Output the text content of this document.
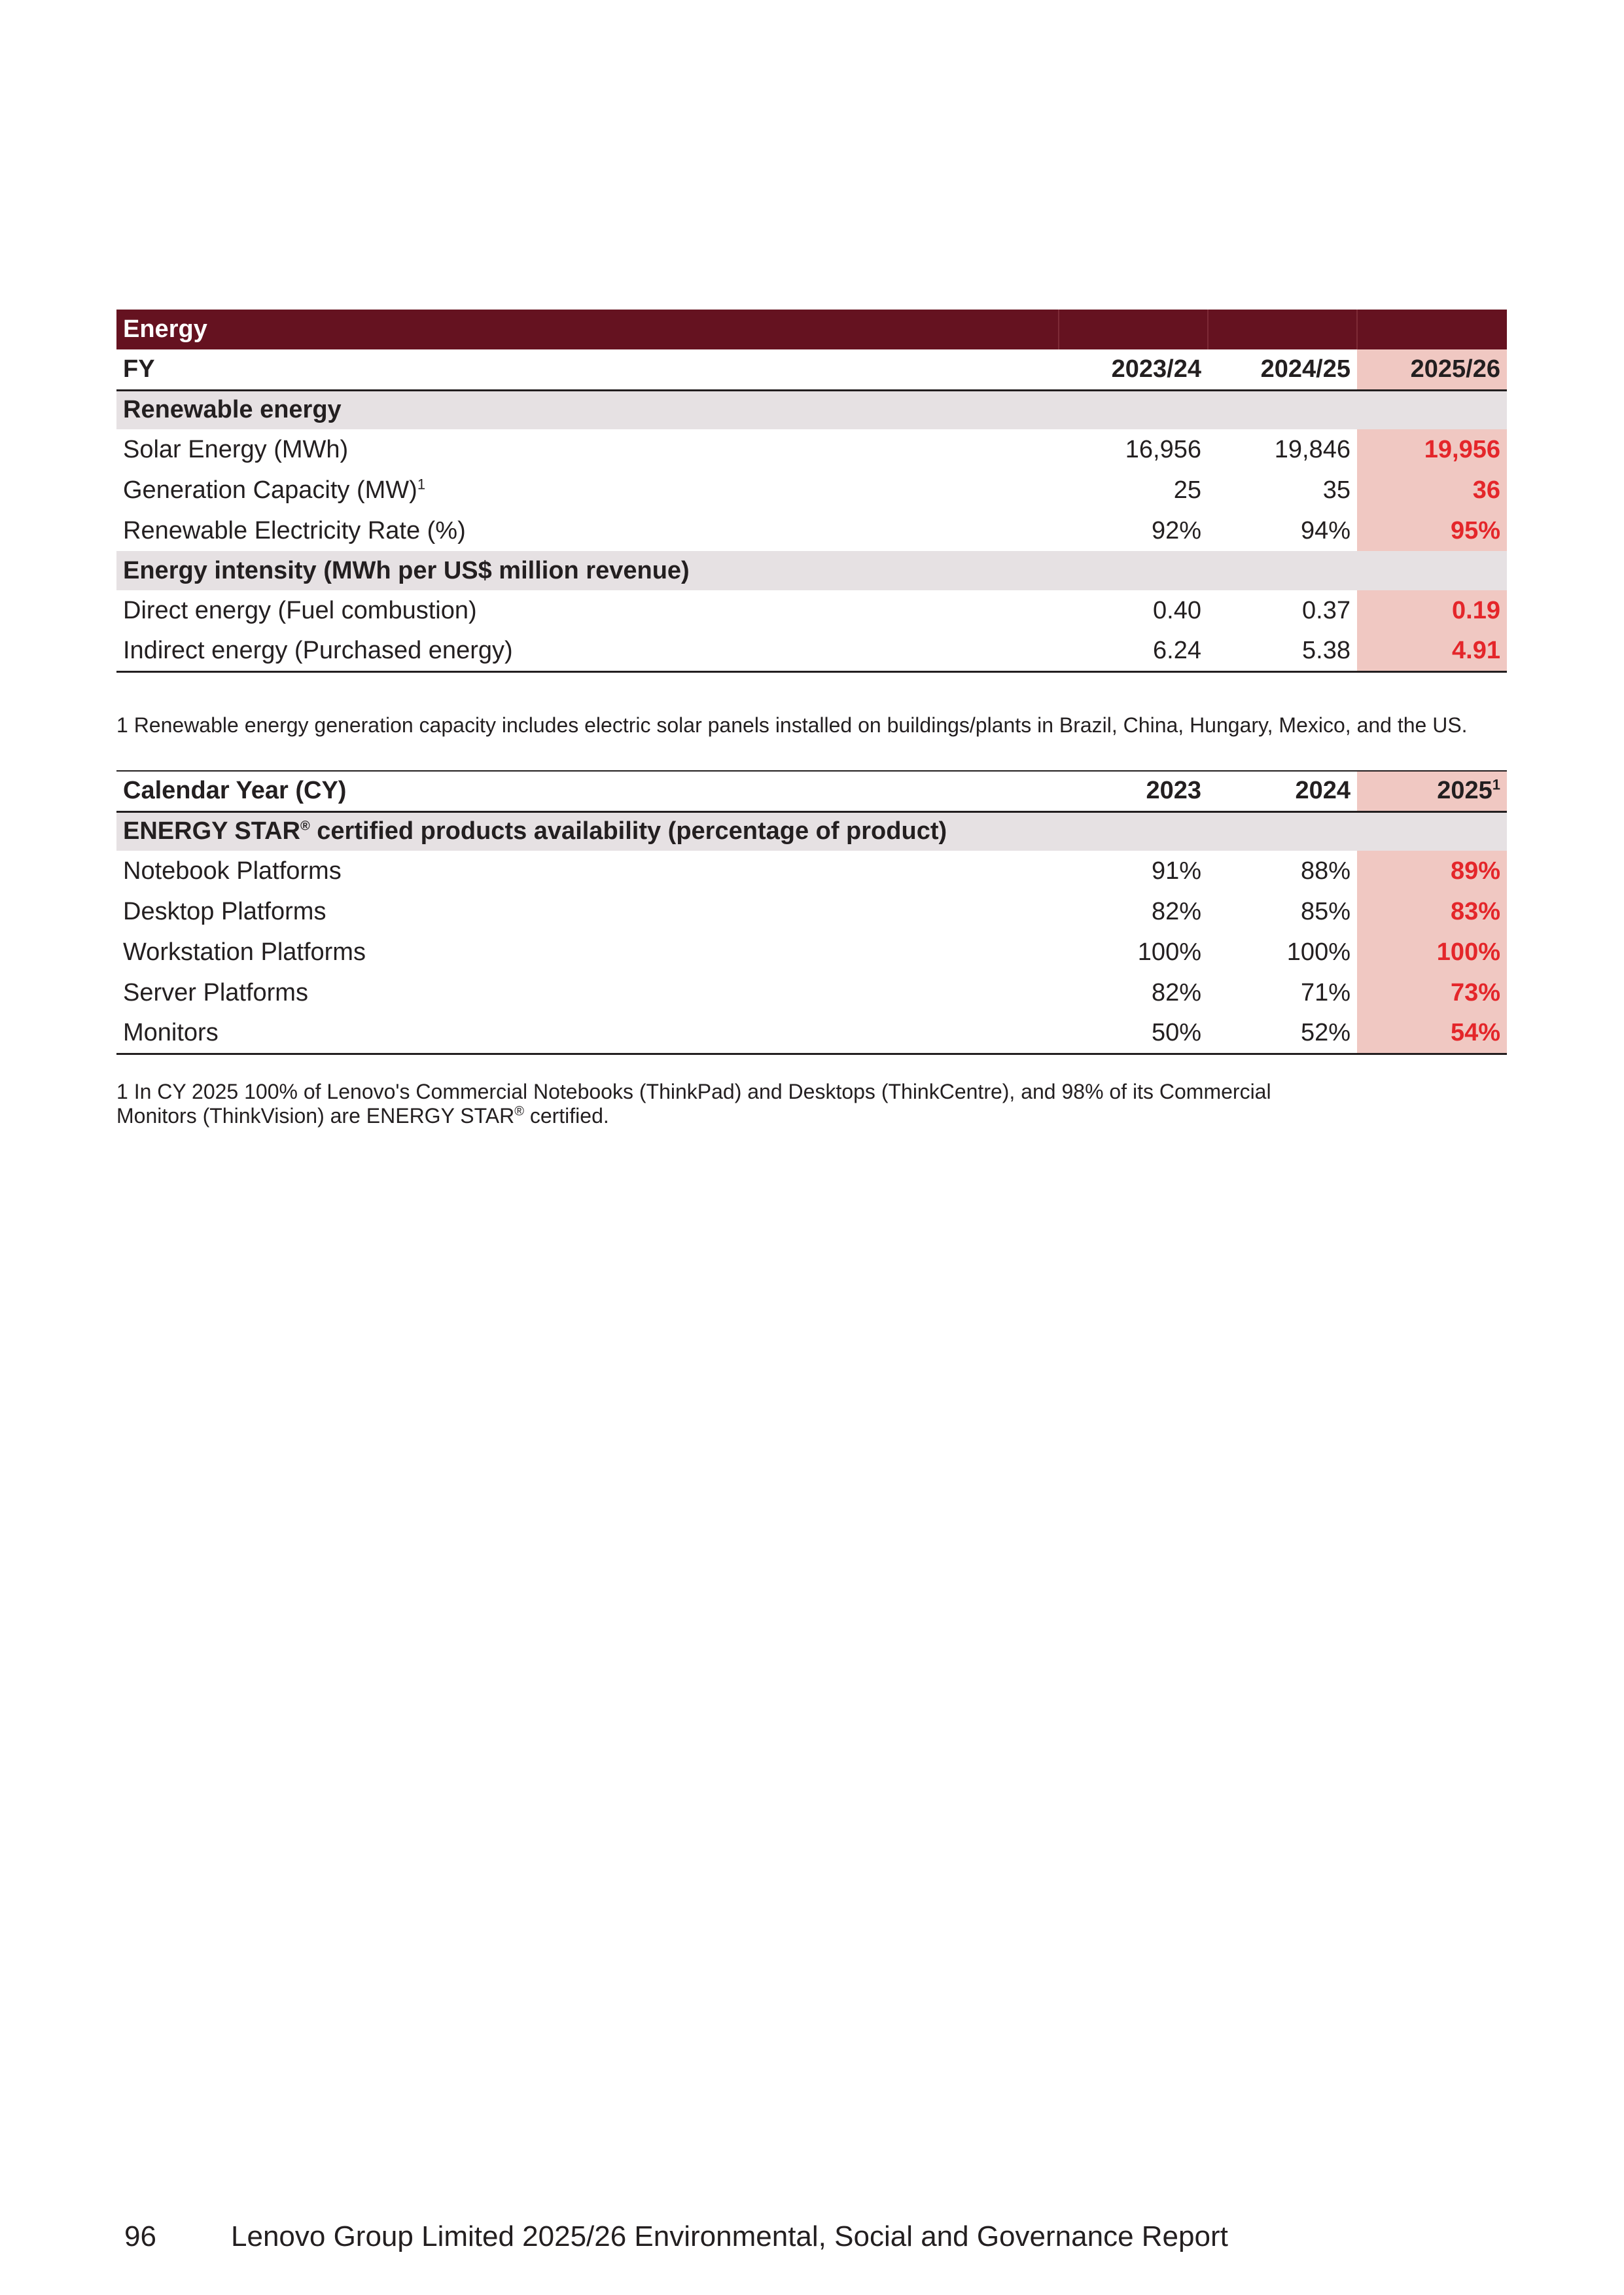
Energy			
FY	2023/24	2024/25	2025/26
Renewable energy			
Solar Energy (MWh)	16,956	19,846	19,956
Generation Capacity (MW)$^1$	25	35	36
Renewable Electricity Rate (%)	92%	94%	95%
Energy intensity (MWh per US$ million revenue)			
Direct energy (Fuel combustion)	0.40	0.37	0.19
Indirect energy (Purchased energy)	6.24	5.38	4.91
1 Renewable energy generation capacity includes electric solar panels installed on buildings/plants in Brazil, China, Hungary, Mexico, and the US.
Calendar Year (CY)	2023	2024	2025$^1$
ENERGY STAR® certified products availability (percentage of product)			
Notebook Platforms	91%	88%	89%
Desktop Platforms	82%	85%	83%
Workstation Platforms	100%	100%	100%
Server Platforms	82%	71%	73%
Monitors	50%	52%	54%
1 In CY 2025 100% of Lenovo's Commercial Notebooks (ThinkPad) and Desktops (ThinkCentre), and 98% of its Commercial
Monitors (ThinkVision) are ENERGY STAR® certified.
96	Lenovo Group Limited 2025/26 Environmental, Social and Governance Report
